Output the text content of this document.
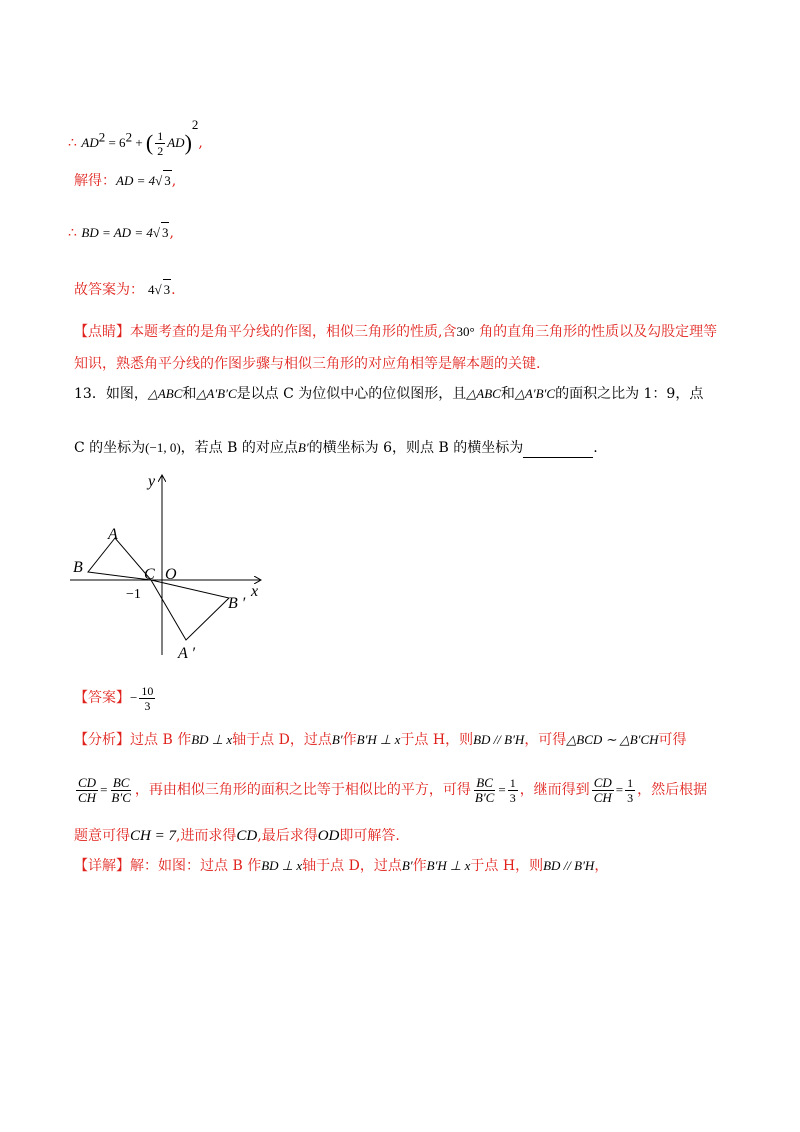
∴ $AD^2 = 6^2$ + ( $\frac{1}{2} AD)^2$,
解得：AD = 4√ 3,
∴ BD = AD = 4√ 3,
故答案为： 4√ 3.
【点睛】本题考查的是角平分线的作图，相似三角形的性质,含30° 角的直角三角形的性质以及勾股定理等
知识，熟悉角平分线的作图步骤与相似三角形的对应角相等是解本题的关键.
13．如图，△ABC和△A′B′C是以点 C 为位似中心的位似图形，且△ABC和△A′B′C的面积之比为 1：9，点
C 的坐标为(−1, 0)，若点 B 的对应点B′的横坐标为 6，则点 B 的横坐标为	.
y
x
A
B	C O
−1
B ′
A ′
【答案】− $\frac{10}{3}$
【分析】过点 B 作BD ⊥ x轴于点 D，过点B′作B′H ⊥ x于点 H，则BD // B′H，可得△BCD ∼ △B′CH可得
$\frac{CD}{CH} = \frac{BC}{B'C}$ ，再由相似三角形的面积之比等于相似比的平方，可得 $\frac{BC}{B'C} = \frac{1}{3}$ ，继而得到 $\frac{CD}{CH} = \frac{1}{3}$ ，然后根据
题意可得CH = 7,进而求得CD,最后求得OD即可解答.
【详解】解：如图：过点 B 作BD ⊥ x轴于点 D，过点B′作B′H ⊥ x于点 H，则BD // B′H，
